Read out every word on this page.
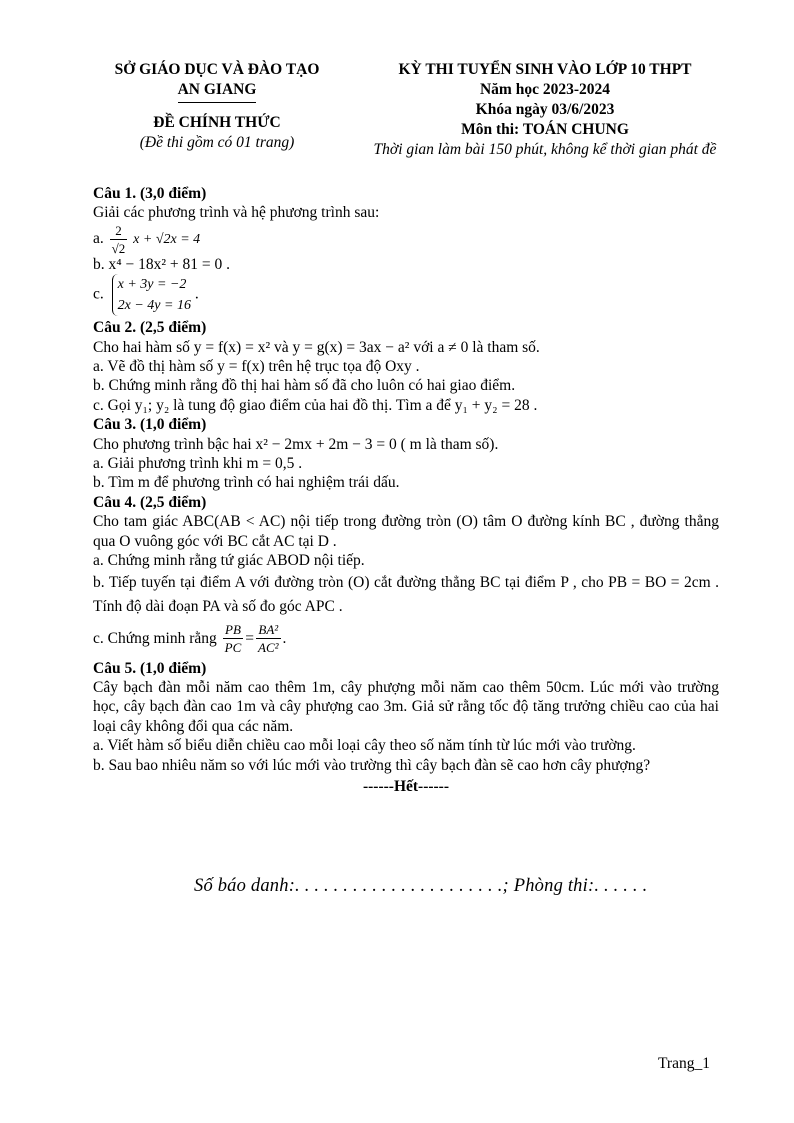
SỞ GIÁO DỤC VÀ ĐÀO TẠO
AN GIANG
ĐỀ CHÍNH THỨC
(Đề thi gồm có 01 trang)
KỲ THI TUYỂN SINH VÀO LỚP 10 THPT
Năm học 2023-2024
Khóa ngày 03/6/2023
Môn thi: TOÁN CHUNG
Thời gian làm bài 150 phút, không kể thời gian phát đề
Câu 1. (3,0 điểm)
Giải các phương trình và hệ phương trình sau:
a. $\frac{2}{√2}$ x + √2x = 4
b. x⁴ − 18x² + 81 = 0 .
c.
x + 3y = −2
2x − 4y = 16
.
Câu 2. (2,5 điểm)
Cho hai hàm số y = f(x) = x² và y = g(x) = 3ax − a² với a ≠ 0 là tham số.
a. Vẽ đồ thị hàm số y = f(x) trên hệ trục tọa độ Oxy .
b. Chứng minh rằng đồ thị hai hàm số đã cho luôn có hai giao điểm.
c. Gọi y₁; y₂ là tung độ giao điểm của hai đồ thị. Tìm a để y₁ + y₂ = 28 .
Câu 3. (1,0 điểm)
Cho phương trình bậc hai x² − 2mx + 2m − 3 = 0 ( m là tham số).
a. Giải phương trình khi m = 0,5 .
b. Tìm m để phương trình có hai nghiệm trái dấu.
Câu 4. (2,5 điểm)
Cho tam giác ABC(AB < AC) nội tiếp trong đường tròn (O) tâm O đường kính BC , đường thẳng qua O vuông góc với BC cắt AC tại D .
a. Chứng minh rằng tứ giác ABOD nội tiếp.
b. Tiếp tuyến tại điểm A với đường tròn (O) cắt đường thẳng BC tại điểm P , cho PB = BO = 2cm . Tính độ dài đoạn PA và số đo góc APC .
c. Chứng minh rằng $\frac{PB}{PC} = \frac{\text{BA²}}{\text{AC²}}$ .
Câu 5. (1,0 điểm)
Cây bạch đàn mỗi năm cao thêm 1m, cây phượng mỗi năm cao thêm 50cm. Lúc mới vào trường học, cây bạch đàn cao 1m và cây phượng cao 3m. Giả sử rằng tốc độ tăng trưởng chiều cao của hai loại cây không đổi qua các năm.
a. Viết hàm số biểu diễn chiều cao mỗi loại cây theo số năm tính từ lúc mới vào trường.
b. Sau bao nhiêu năm so với lúc mới vào trường thì cây bạch đàn sẽ cao hơn cây phượng?
------Hết------
Số báo danh:. . . . . . . . . . . . . . . . . . . . . .; Phòng thi:. . . . . .
Trang_1
